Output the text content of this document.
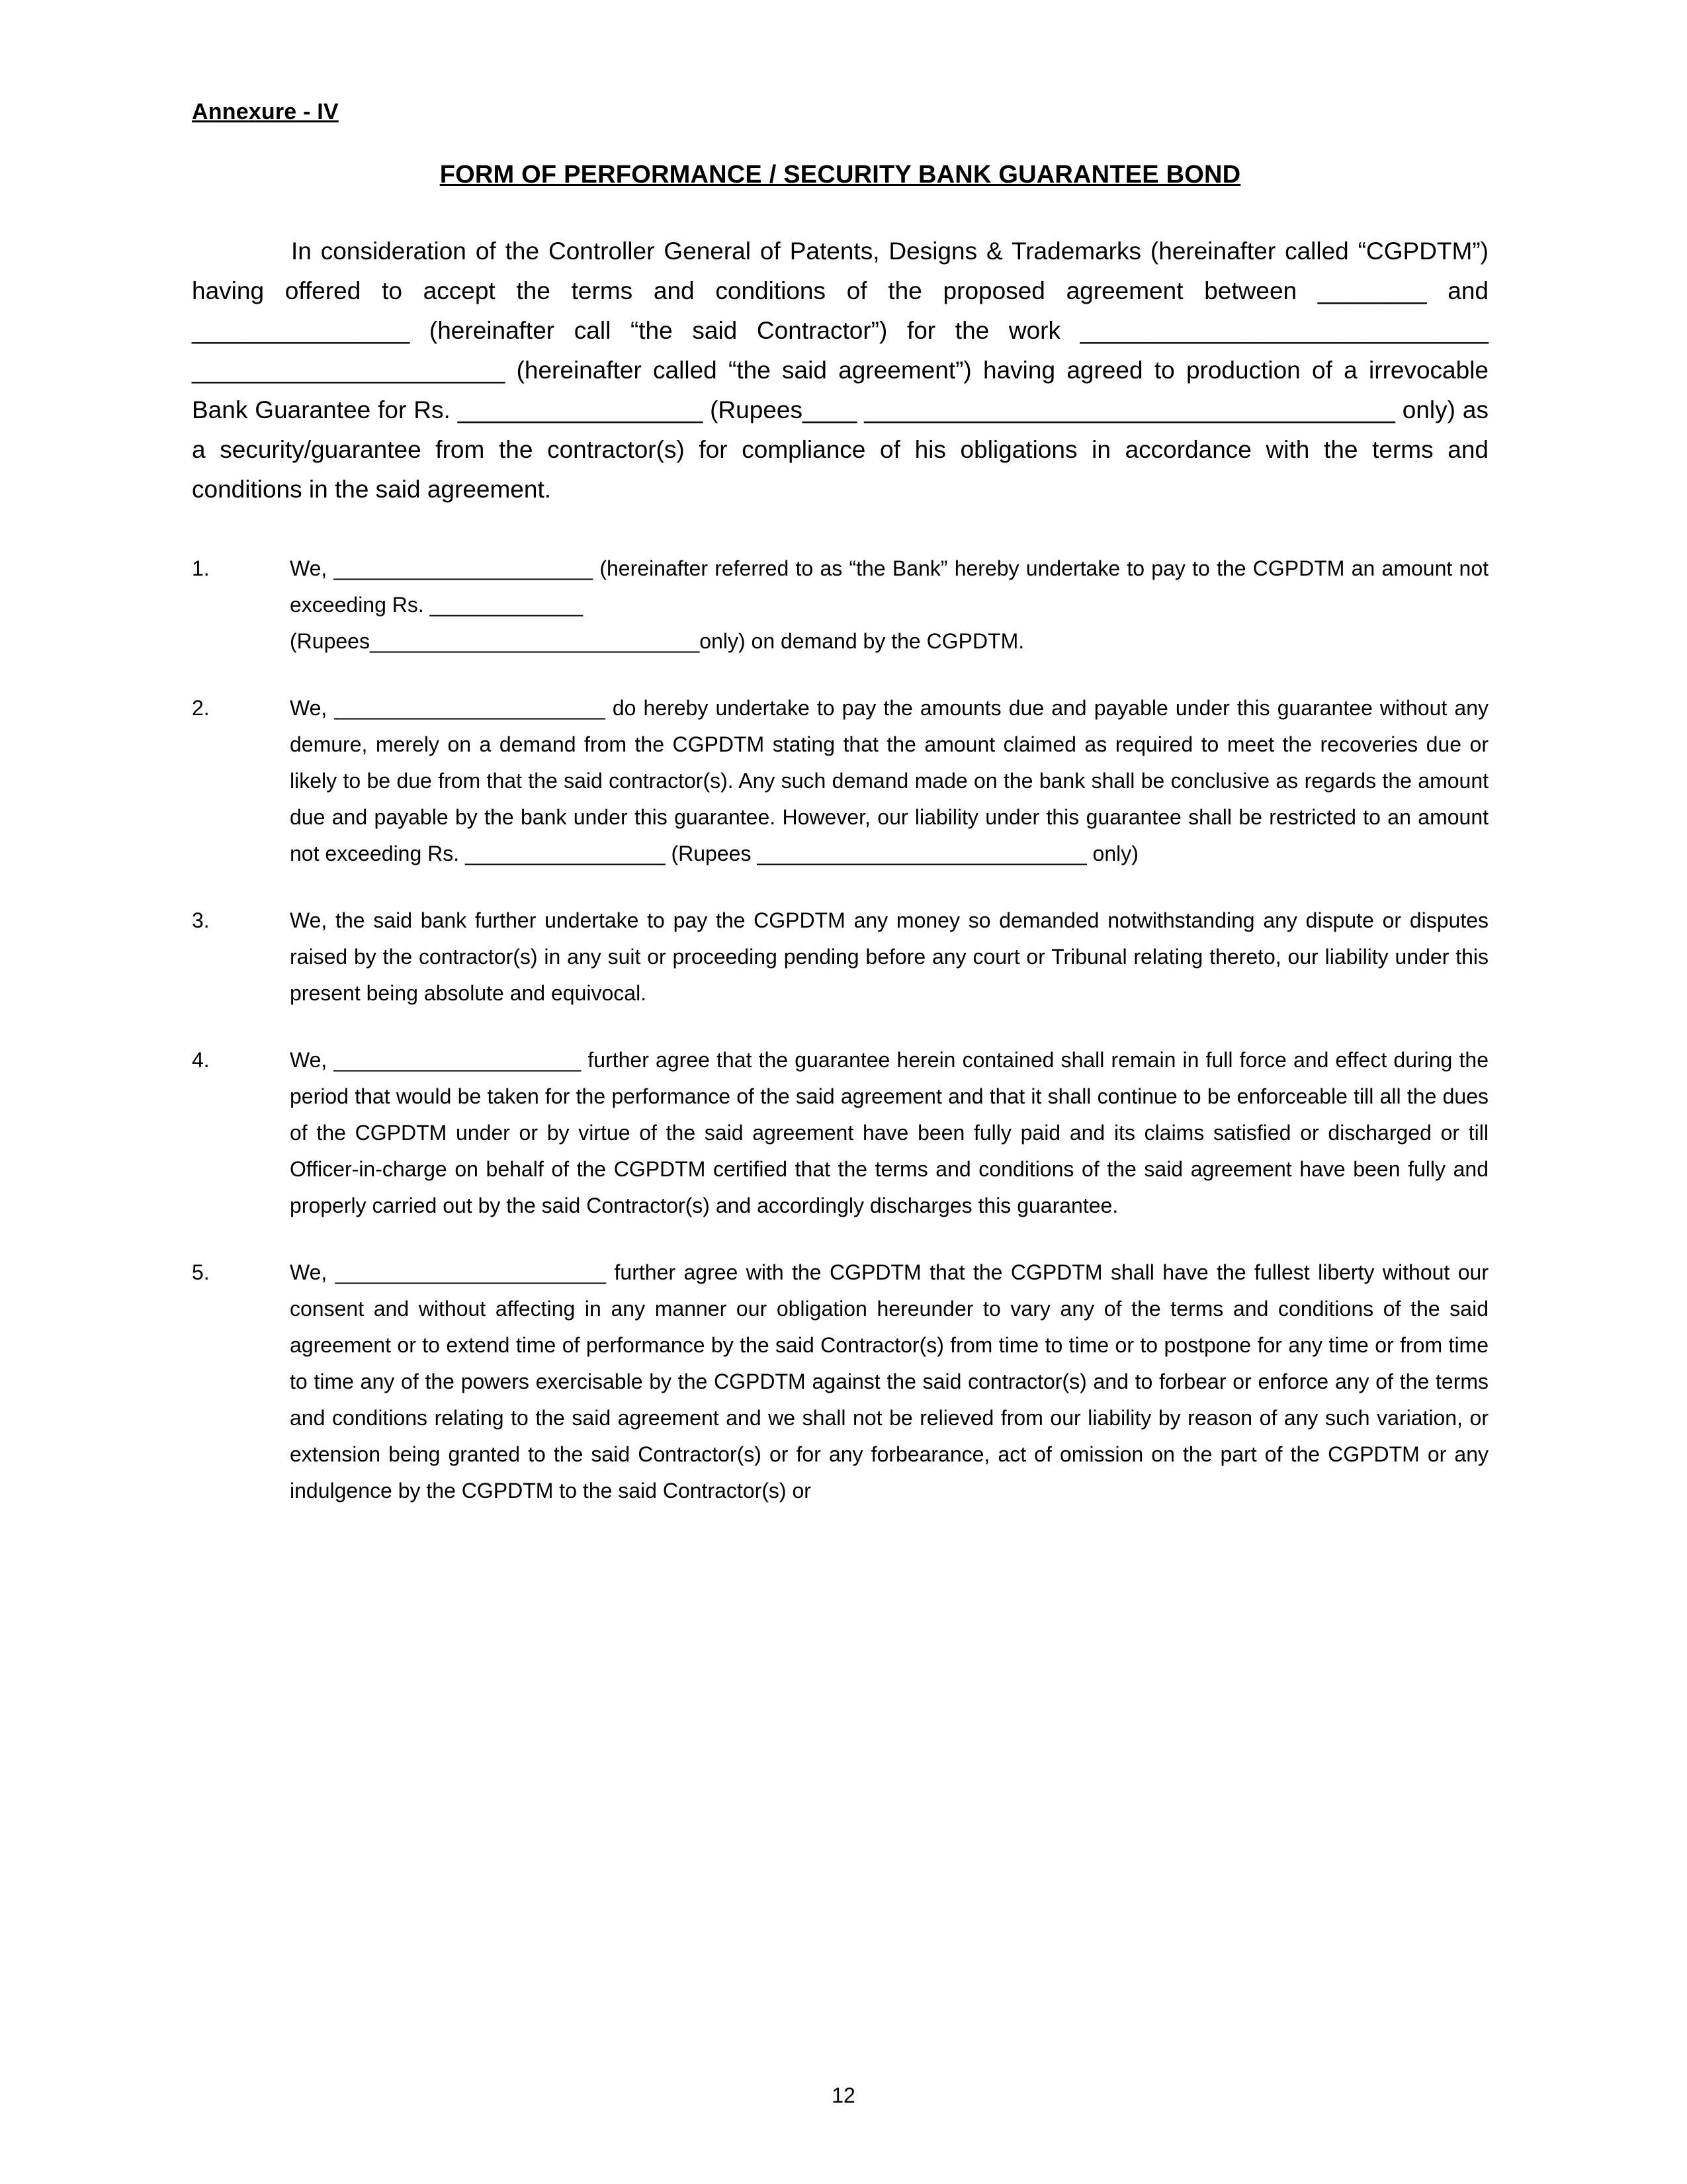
Annexure - IV
FORM OF PERFORMANCE / SECURITY BANK GUARANTEE BOND

In consideration of the Controller General of Patents, Designs & Trademarks (hereinafter called “CGPDTM”) having offered to accept the terms and conditions of the proposed agreement between ________ and ________________ (hereinafter call “the said Contractor”) for the work ______________________________ _______________________ (hereinafter called “the said agreement”) having agreed to production of a irrevocable Bank Guarantee for Rs. __________________ (Rupees____ _______________________________________ only) as a security/guarantee from the contractor(s) for compliance of his obligations in accordance with the terms and conditions in the said agreement.

1.	We, ______________________ (hereinafter referred to as “the Bank” hereby undertake to pay to the CGPDTM an amount not exceeding Rs. _____________
(Rupees____________________________only) on demand by the CGPDTM.
2.	We, _______________________ do hereby undertake to pay the amounts due and payable under this guarantee without any demure, merely on a demand from the CGPDTM stating that the amount claimed as required to meet the recoveries due or likely to be due from that the said contractor(s). Any such demand made on the bank shall be conclusive as regards the amount due and payable by the bank under this guarantee. However, our liability under this guarantee shall be restricted to an amount not exceeding Rs. _________________ (Rupees ____________________________ only)
3.	We, the said bank further undertake to pay the CGPDTM any money so demanded notwithstanding any dispute or disputes raised by the contractor(s) in any suit or proceeding pending before any court or Tribunal relating thereto, our liability under this present being absolute and equivocal.
4.	We, _____________________ further agree that the guarantee herein contained shall remain in full force and effect during the period that would be taken for the performance of the said agreement and that it shall continue to be enforceable till all the dues of the CGPDTM under or by virtue of the said agreement have been fully paid and its claims satisfied or discharged or till Officer-in-charge on behalf of the CGPDTM certified that the terms and conditions of the said agreement have been fully and properly carried out by the said Contractor(s) and accordingly discharges this guarantee.
5.	We, _______________________ further agree with the CGPDTM that the CGPDTM shall have the fullest liberty without our consent and without affecting in any manner our obligation hereunder to vary any of the terms and conditions of the said agreement or to extend time of performance by the said Contractor(s) from time to time or to postpone for any time or from time to time any of the powers exercisable by the CGPDTM against the said contractor(s) and to forbear or enforce any of the terms and conditions relating to the said agreement and we shall not be relieved from our liability by reason of any such variation, or extension being granted to the said Contractor(s) or for any forbearance, act of omission on the part of the CGPDTM or any indulgence by the CGPDTM to the said Contractor(s) or
12
